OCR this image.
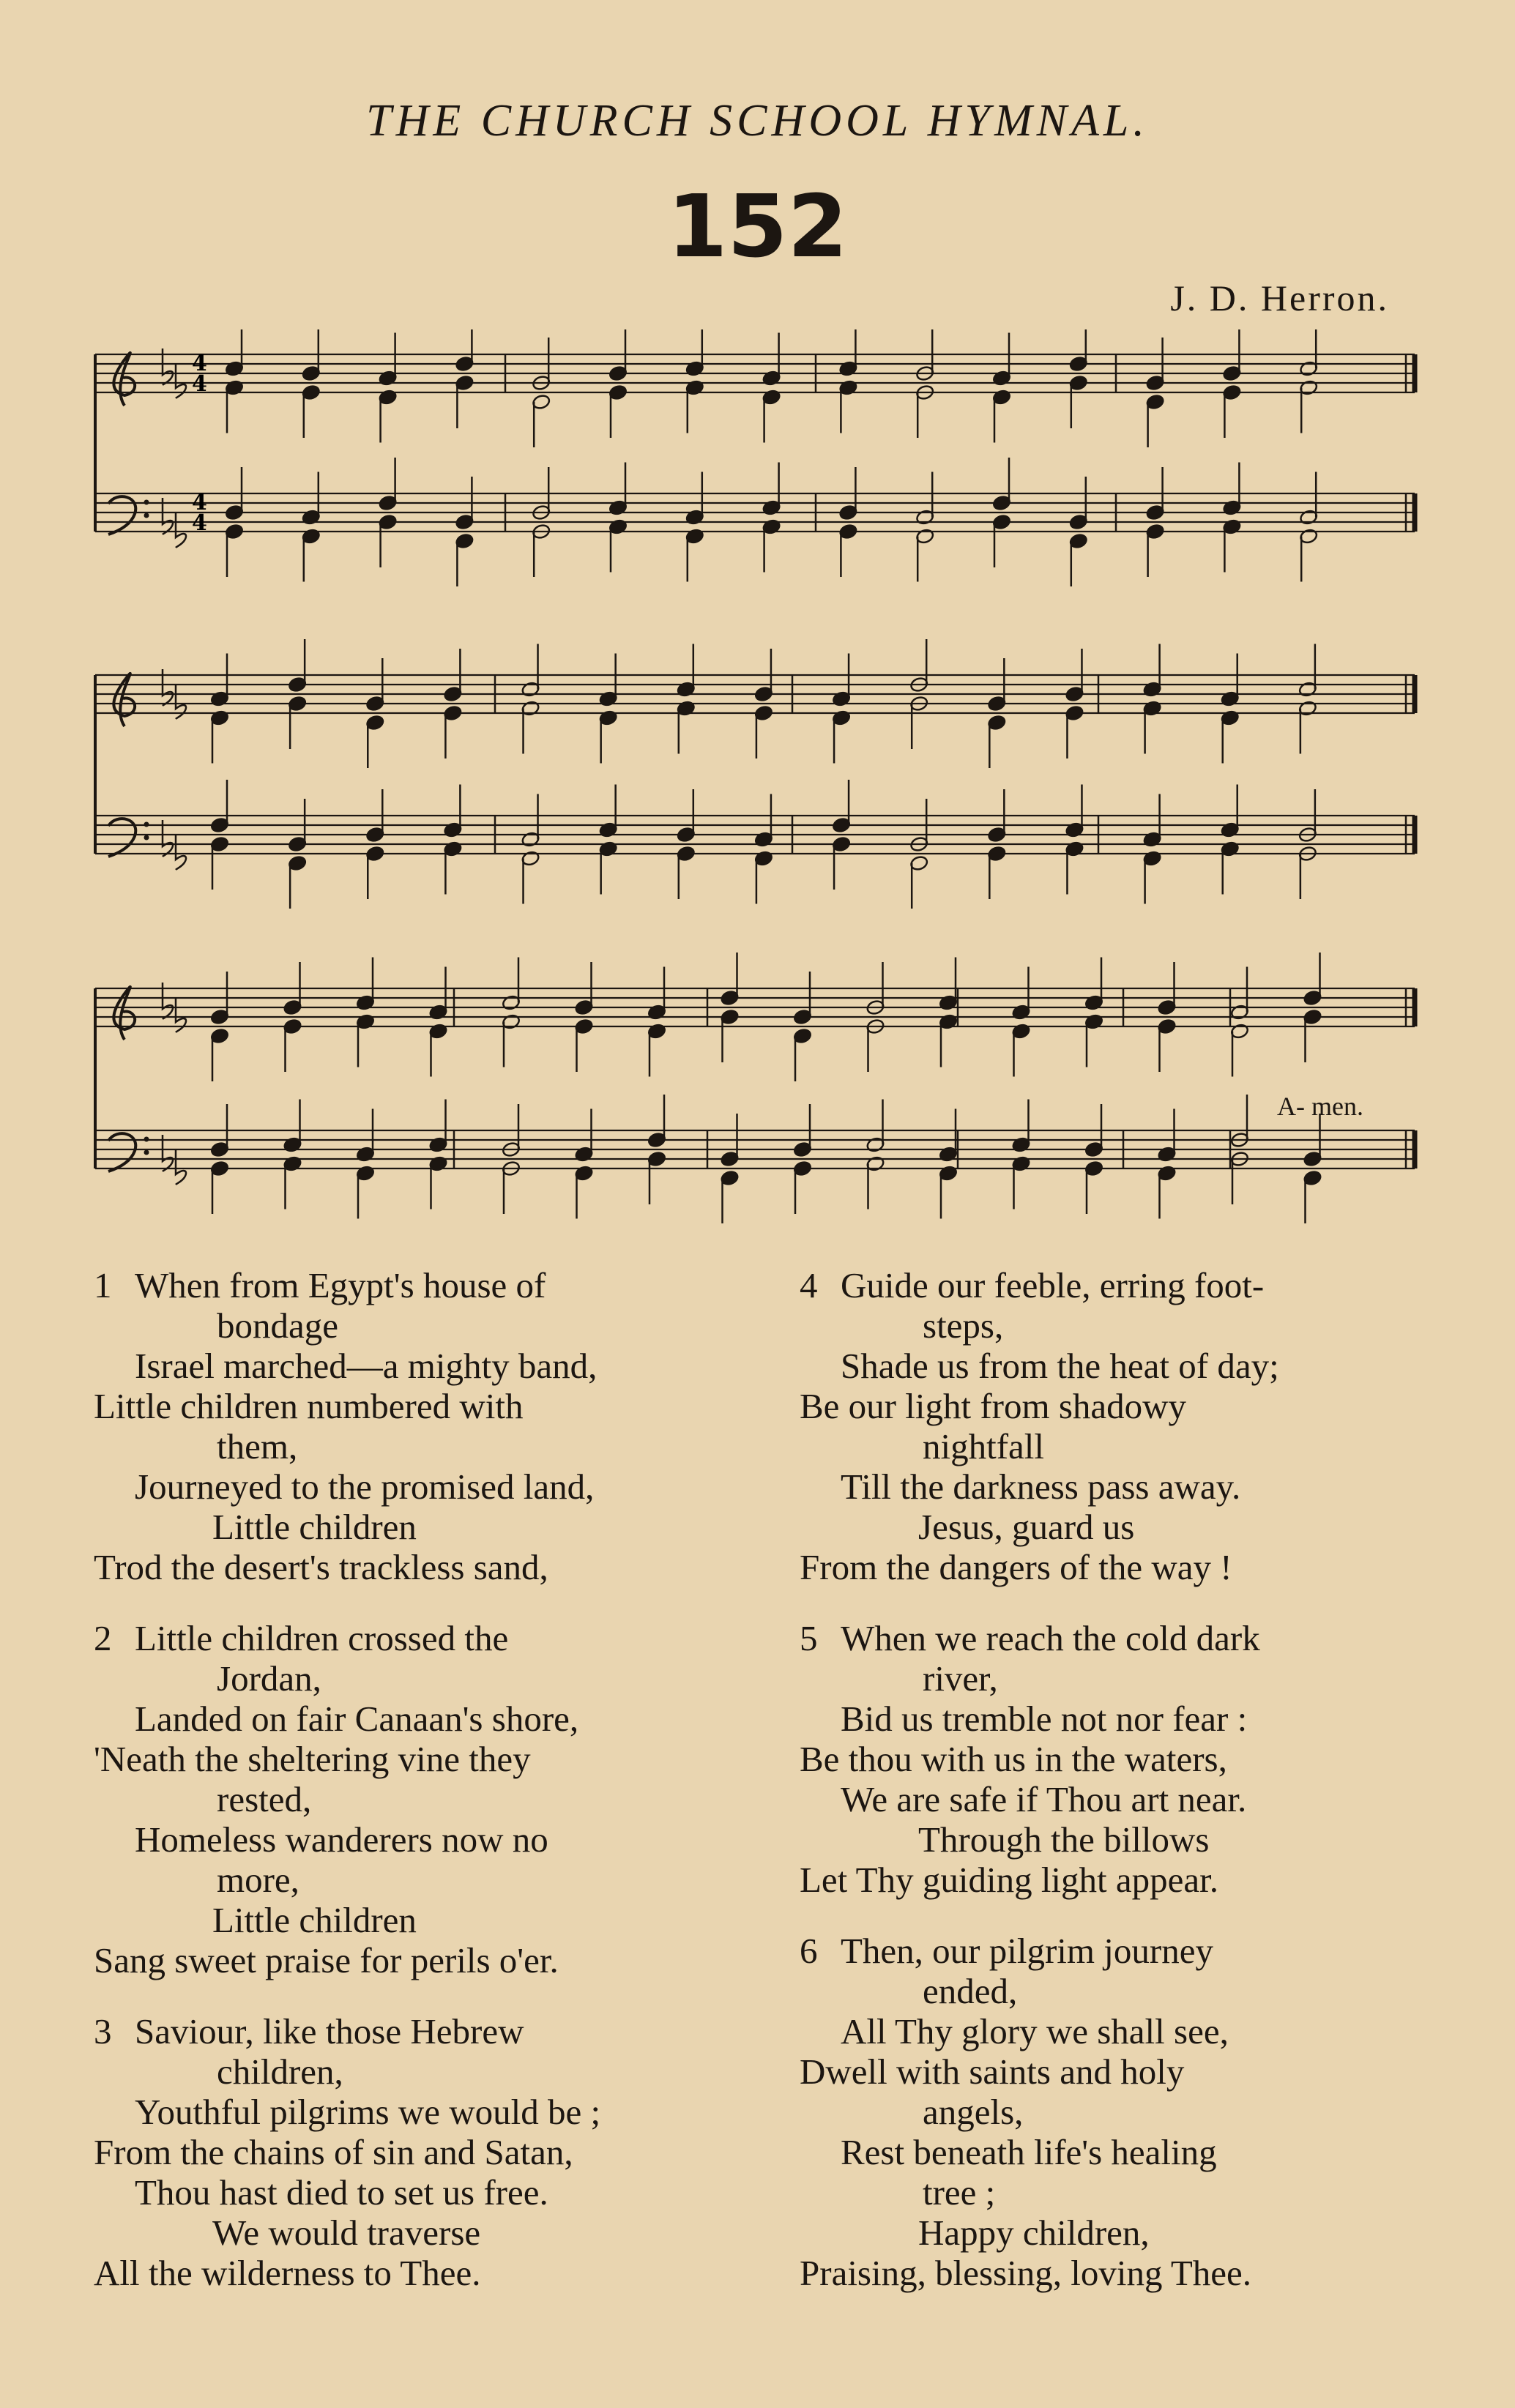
THE CHURCH SCHOOL HYMNAL.
152
J. D. Herron.
4
4
4
4
A- men.
1 When from Egypt's house of
bondage
Israel marched—a mighty band,
Little children numbered with
them,
Journeyed to the promised land,
Little children
Trod the desert's trackless sand,
2 Little children crossed the
Jordan,
Landed on fair Canaan's shore,
'Neath the sheltering vine they
rested,
Homeless wanderers now no
more,
Little children
Sang sweet praise for perils o'er.
3 Saviour, like those Hebrew
children,
Youthful pilgrims we would be ;
From the chains of sin and Satan,
Thou hast died to set us free.
We would traverse
All the wilderness to Thee.
4 Guide our feeble, erring foot-
steps,
Shade us from the heat of day;
Be our light from shadowy
nightfall
Till the darkness pass away.
Jesus, guard us
From the dangers of the way !
5 When we reach the cold dark
river,
Bid us tremble not nor fear :
Be thou with us in the waters,
We are safe if Thou art near.
Through the billows
Let Thy guiding light appear.
6 Then, our pilgrim journey
ended,
All Thy glory we shall see,
Dwell with saints and holy
angels,
Rest beneath life's healing
tree ;
Happy children,
Praising, blessing, loving Thee.
